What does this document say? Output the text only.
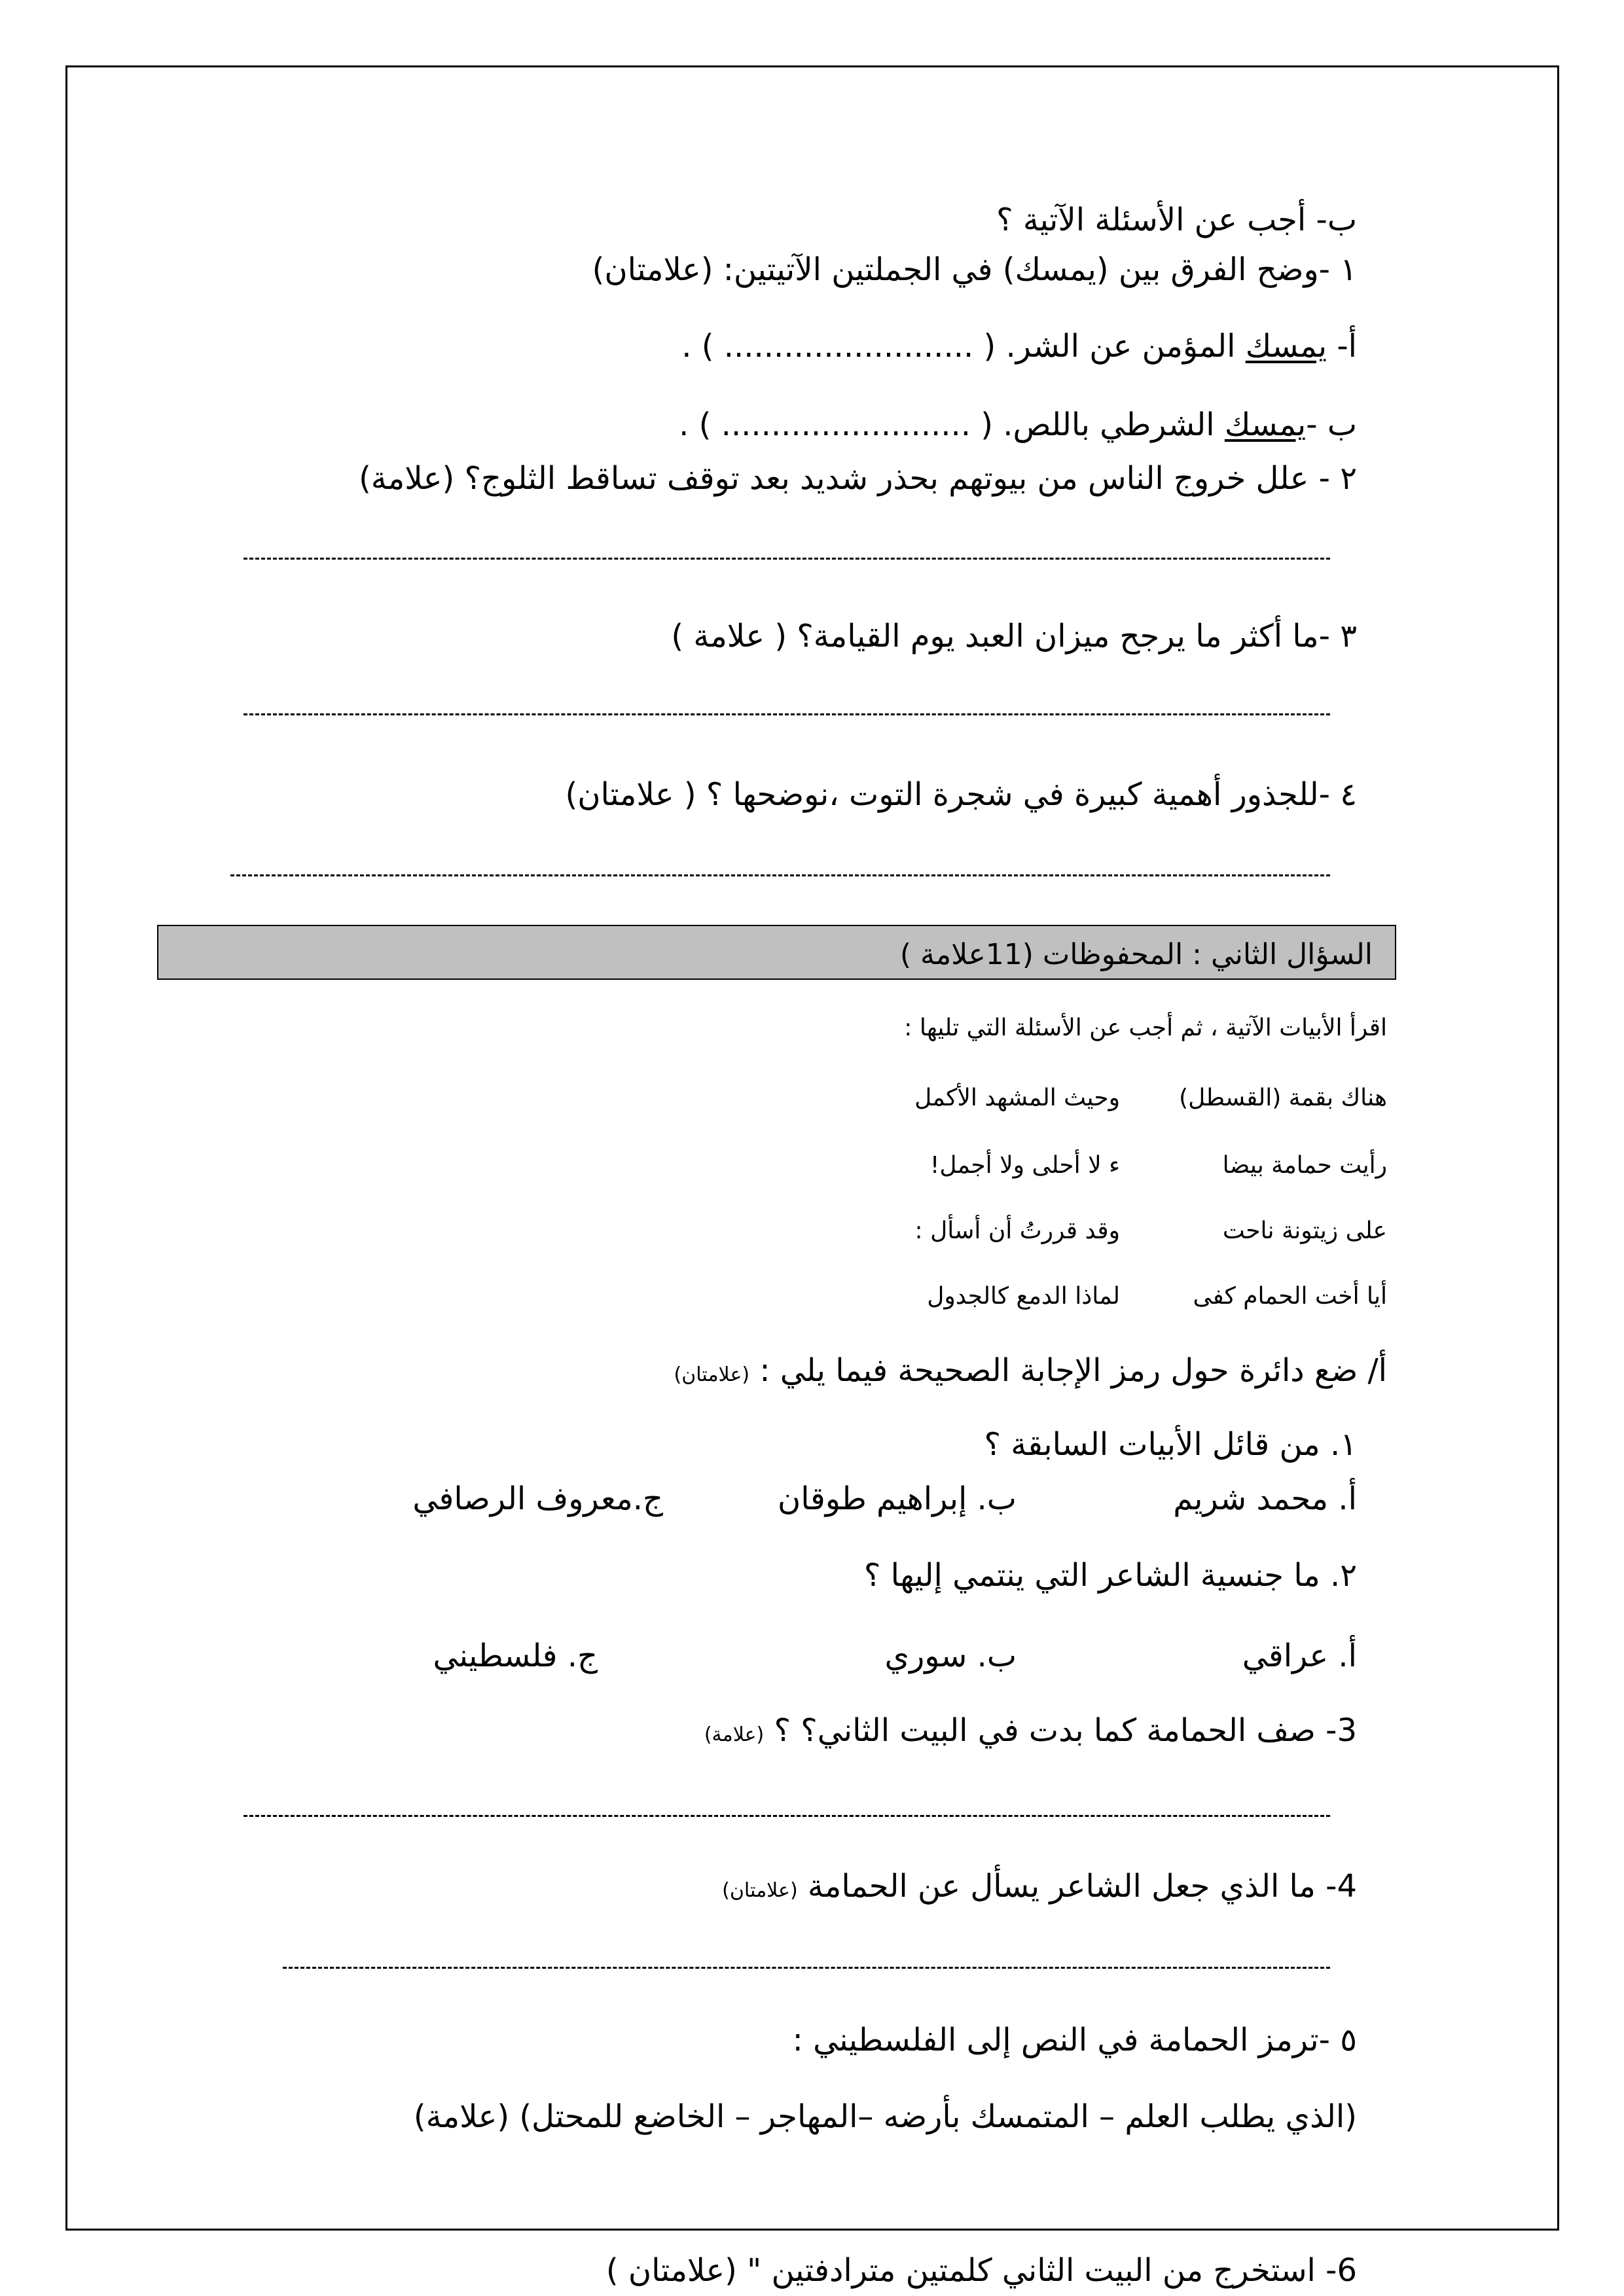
ب- أجب عن الأسئلة الآتية ؟
١ -وضح الفرق بين (يمسك) في الجملتين الآتيتين: (علامتان)
أ- يمسك المؤمن عن الشر. ( ......................... ) .
ب -يمسك الشرطي باللص. ( ......................... ) .
٢ - علل خروج الناس من بيوتهم بحذر شديد بعد توقف تساقط الثلوج؟ (علامة)
٣ -ما أكثر ما يرجح ميزان العبد يوم القيامة؟ ( علامة )
٤ -للجذور أهمية كبيرة في شجرة التوت ،نوضحها ؟ ( علامتان)
السؤال الثاني : المحفوظات (11علامة )
اقرأ الأبيات الآتية ، ثم أجب عن الأسئلة التي تليها :
هناك بقمة (القسطل)
وحيث المشهد الأكمل
رأيت حمامة بيضا
ء لا أحلى ولا أجمل!
على زيتونة ناحت
وقد قررتُ أن أسأل :
أيا أخت الحمام كفى
لماذا الدمع كالجدول
أ/ ضع دائرة حول رمز الإجابة الصحيحة فيما يلي : (علامتان)
١. من قائل الأبيات السابقة ؟
أ. محمد شريم
ب. إبراهيم طوقان
ج.معروف الرصافي
٢. ما جنسية الشاعر التي ينتمي إليها ؟
أ. عراقي
ب. سوري
ج. فلسطيني
3- صف الحمامة كما بدت في البيت الثاني؟ ؟ (علامة)
4- ما الذي جعل الشاعر يسأل عن الحمامة (علامتان)
٥ -ترمز الحمامة في النص إلى الفلسطيني :
(الذي يطلب العلم – المتمسك بأرضه –المهاجر – الخاضع للمحتل) (علامة)
6- استخرج من البيت الثاني كلمتين مترادفتين " (علامتان )
